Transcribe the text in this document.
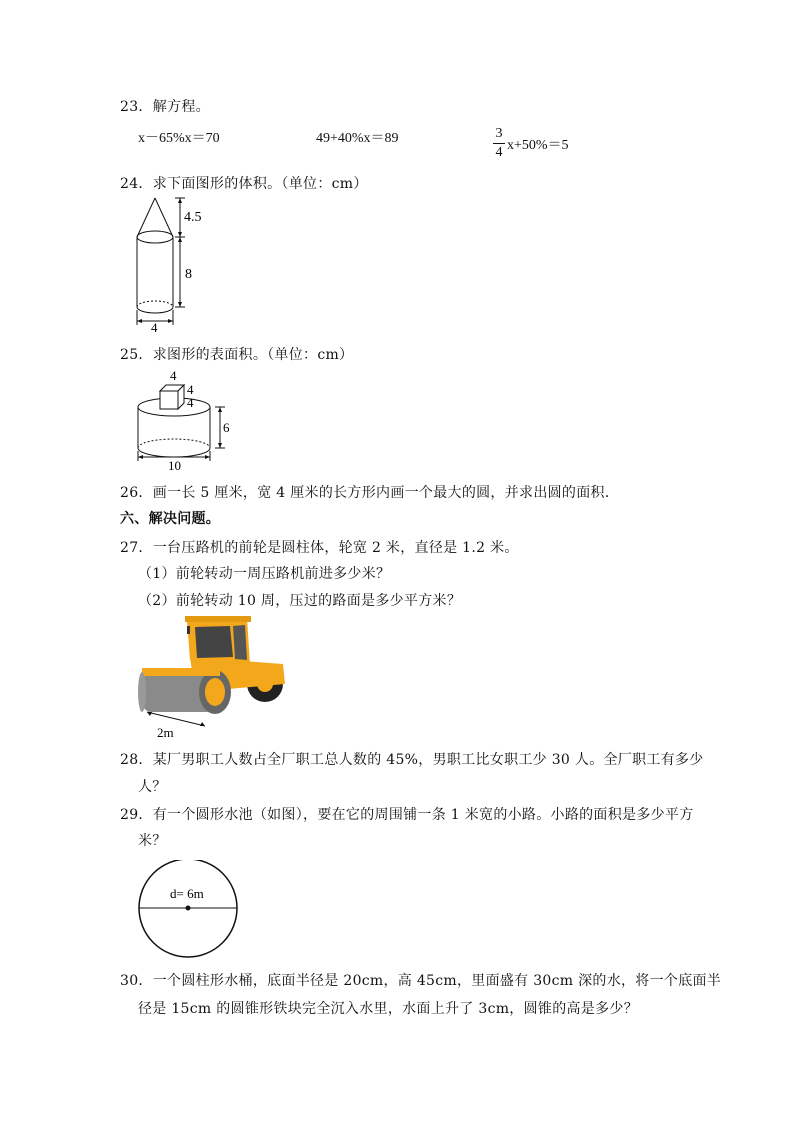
23．解方程。
x－65%x＝70	49+40%x＝89	3
4 x+50%＝5
24．求下面图形的体积。（单位：cm）
4.5
8
4
25．求图形的表面积。（单位：cm）
4
4
4
6
10
26．画一长 5 厘米，宽 4 厘米的长方形内画一个最大的圆，并求出圆的面积．
六、解决问题。
27．一台压路机的前轮是圆柱体，轮宽 2 米，直径是 1.2 米。
（1）前轮转动一周压路机前进多少米？
（2）前轮转动 10 周，压过的路面是多少平方米？
2m
28．某厂男职工人数占全厂职工总人数的 45%，男职工比女职工少 30 人。全厂职工有多少
人？
29．有一个圆形水池（如图），要在它的周围铺一条 1 米宽的小路。小路的面积是多少平方
米？
d= 6m
30．一个圆柱形水桶，底面半径是 20cm，高 45cm，里面盛有 30cm 深的水，将一个底面半
径是 15cm 的圆锥形铁块完全沉入水里，水面上升了 3cm，圆锥的高是多少？
